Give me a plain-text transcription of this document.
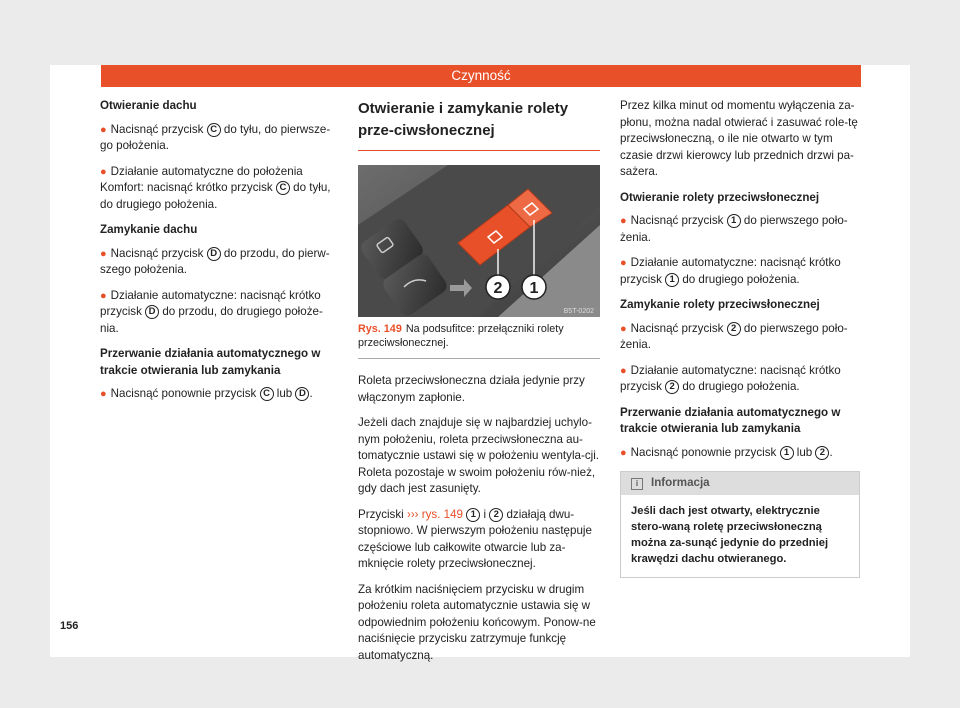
Czynność

Otwieranie dachu

● Nacisnąć przycisk C do tyłu, do pierwsze-go położenia.

● Działanie automatyczne do położenia Komfort: nacisnąć krótko przycisk C do tyłu, do drugiego położenia.

Zamykanie dachu

● Nacisnąć przycisk D do przodu, do pierw-szego położenia.

● Działanie automatyczne: nacisnąć krótko przycisk D do przodu, do drugiego położe-nia.

Przerwanie działania automatycznego w trakcie otwierania lub zamykania

● Nacisnąć ponownie przycisk C lub D .

Otwieranie i zamykanie rolety prze-ciwsłonecznej
2 1
B5T-0202
Rys. 149 Na podsufitce: przełączniki rolety przeciwsłonecznej.

Roleta przeciwsłoneczna działa jedynie przy włączonym zapłonie.

Jeżeli dach znajduje się w najbardziej uchylo-nym położeniu, roleta przeciwsłoneczna au-tomatycznie ustawi się w położeniu wentyla-cji. Roleta pozostaje w swoim położeniu rów-nież, gdy dach jest zasunięty.

Przyciski ››› rys. 149 1 i 2 działają dwu-stopniowo. W pierwszym położeniu następuje częściowe lub całkowite otwarcie lub za-mknięcie rolety przeciwsłonecznej.

Za krótkim naciśnięciem przycisku w drugim położeniu roleta automatycznie ustawia się w odpowiednim położeniu końcowym. Ponow-ne naciśnięcie przycisku zatrzymuje funkcję automatyczną.

Przez kilka minut od momentu wyłączenia za-płonu, można nadal otwierać i zasuwać role-tę przeciwsłoneczną, o ile nie otwarto w tym czasie drzwi kierowcy lub przednich drzwi pa-sażera.

Otwieranie rolety przeciwsłonecznej

● Nacisnąć przycisk 1 do pierwszego poło-żenia.

● Działanie automatyczne: nacisnąć krótko przycisk 1 do drugiego położenia.

Zamykanie rolety przeciwsłonecznej

● Nacisnąć przycisk 2 do pierwszego poło-żenia.

● Działanie automatyczne: nacisnąć krótko przycisk 2 do drugiego położenia.

Przerwanie działania automatycznego w trakcie otwierania lub zamykania

● Nacisnąć ponownie przycisk 1 lub 2 .

i Informacja
Jeśli dach jest otwarty, elektrycznie stero-waną roletę przeciwsłoneczną można za-sunąć jedynie do przedniej krawędzi dachu otwieranego.
156
